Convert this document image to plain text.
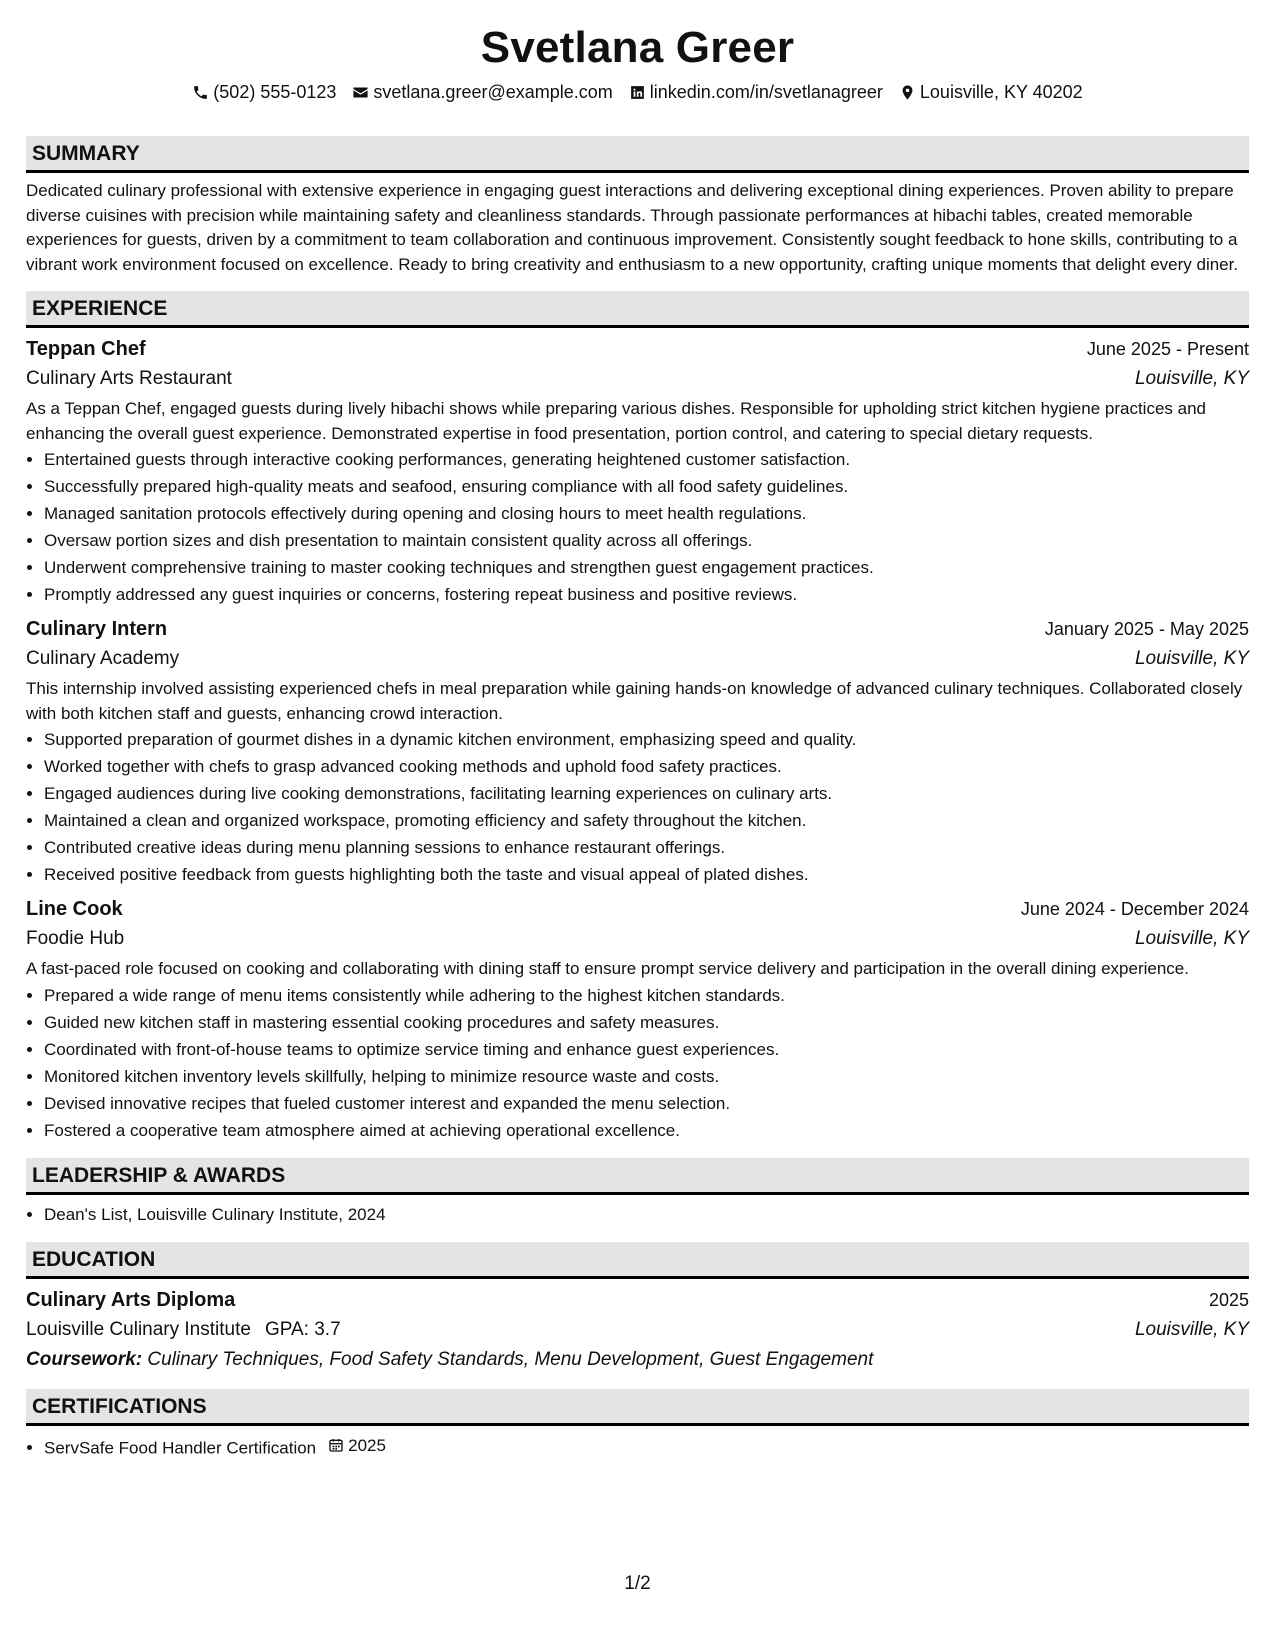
Svetlana Greer
(502) 555-0123 svetlana.greer@example.com linkedin.com/in/svetlanagreer Louisville, KY 40202
SUMMARY
Dedicated culinary professional with extensive experience in engaging guest interactions and delivering exceptional dining experiences. Proven ability to prepare diverse cuisines with precision while maintaining safety and cleanliness standards. Through passionate performances at hibachi tables, created memorable experiences for guests, driven by a commitment to team collaboration and continuous improvement. Consistently sought feedback to hone skills, contributing to a vibrant work environment focused on excellence. Ready to bring creativity and enthusiasm to a new opportunity, crafting unique moments that delight every diner.
EXPERIENCE
Teppan Chef	June 2025 - Present
Culinary Arts Restaurant	Louisville, KY
As a Teppan Chef, engaged guests during lively hibachi shows while preparing various dishes. Responsible for upholding strict kitchen hygiene practices and enhancing the overall guest experience. Demonstrated expertise in food presentation, portion control, and catering to special dietary requests.
• Entertained guests through interactive cooking performances, generating heightened customer satisfaction.
• Successfully prepared high-quality meats and seafood, ensuring compliance with all food safety guidelines.
• Managed sanitation protocols effectively during opening and closing hours to meet health regulations.
• Oversaw portion sizes and dish presentation to maintain consistent quality across all offerings.
• Underwent comprehensive training to master cooking techniques and strengthen guest engagement practices.
• Promptly addressed any guest inquiries or concerns, fostering repeat business and positive reviews.
Culinary Intern	January 2025 - May 2025
Culinary Academy	Louisville, KY
This internship involved assisting experienced chefs in meal preparation while gaining hands-on knowledge of advanced culinary techniques. Collaborated closely with both kitchen staff and guests, enhancing crowd interaction.
• Supported preparation of gourmet dishes in a dynamic kitchen environment, emphasizing speed and quality.
• Worked together with chefs to grasp advanced cooking methods and uphold food safety practices.
• Engaged audiences during live cooking demonstrations, facilitating learning experiences on culinary arts.
• Maintained a clean and organized workspace, promoting efficiency and safety throughout the kitchen.
• Contributed creative ideas during menu planning sessions to enhance restaurant offerings.
• Received positive feedback from guests highlighting both the taste and visual appeal of plated dishes.
Line Cook	June 2024 - December 2024
Foodie Hub	Louisville, KY
A fast-paced role focused on cooking and collaborating with dining staff to ensure prompt service delivery and participation in the overall dining experience.
• Prepared a wide range of menu items consistently while adhering to the highest kitchen standards.
• Guided new kitchen staff in mastering essential cooking procedures and safety measures.
• Coordinated with front-of-house teams to optimize service timing and enhance guest experiences.
• Monitored kitchen inventory levels skillfully, helping to minimize resource waste and costs.
• Devised innovative recipes that fueled customer interest and expanded the menu selection.
• Fostered a cooperative team atmosphere aimed at achieving operational excellence.
LEADERSHIP & AWARDS
• Dean's List, Louisville Culinary Institute, 2024
EDUCATION
Culinary Arts Diploma	2025
Louisville Culinary Institute GPA: 3.7	Louisville, KY
Coursework: Culinary Techniques, Food Safety Standards, Menu Development, Guest Engagement
CERTIFICATIONS
• ServSafe Food Handler Certification 2025
1/2
